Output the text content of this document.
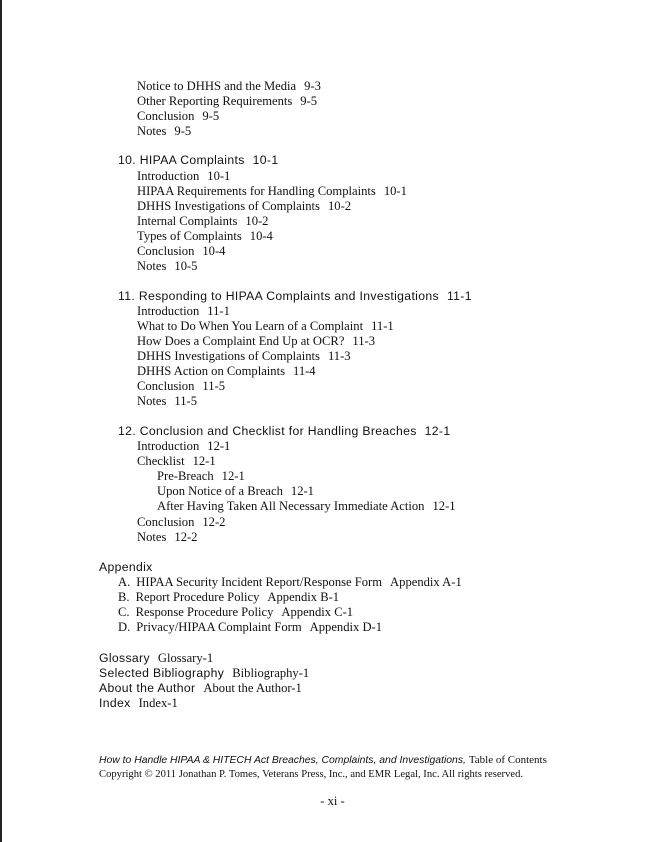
Notice to DHHS and the Media 9-3
Other Reporting Requirements 9-5
Conclusion 9-5
Notes 9-5
10. HIPAA Complaints 10-1
Introduction 10-1
HIPAA Requirements for Handling Complaints 10-1
DHHS Investigations of Complaints 10-2
Internal Complaints 10-2
Types of Complaints 10-4
Conclusion 10-4
Notes 10-5
11. Responding to HIPAA Complaints and Investigations 11-1
Introduction 11-1
What to Do When You Learn of a Complaint 11-1
How Does a Complaint End Up at OCR? 11-3
DHHS Investigations of Complaints 11-3
DHHS Action on Complaints 11-4
Conclusion 11-5
Notes 11-5
12. Conclusion and Checklist for Handling Breaches 12-1
Introduction 12-1
Checklist 12-1
Pre-Breach 12-1
Upon Notice of a Breach 12-1
After Having Taken All Necessary Immediate Action 12-1
Conclusion 12-2
Notes 12-2
Appendix
A. HIPAA Security Incident Report/Response Form Appendix A-1
B. Report Procedure Policy Appendix B-1
C. Response Procedure Policy Appendix C-1
D. Privacy/HIPAA Complaint Form Appendix D-1
Glossary Glossary-1
Selected Bibliography Bibliography-1
About the Author About the Author-1
Index Index-1
How to Handle HIPAA & HITECH Act Breaches, Complaints, and Investigations, Table of Contents
Copyright © 2011 Jonathan P. Tomes, Veterans Press, Inc., and EMR Legal, Inc. All rights reserved.
- xi -
